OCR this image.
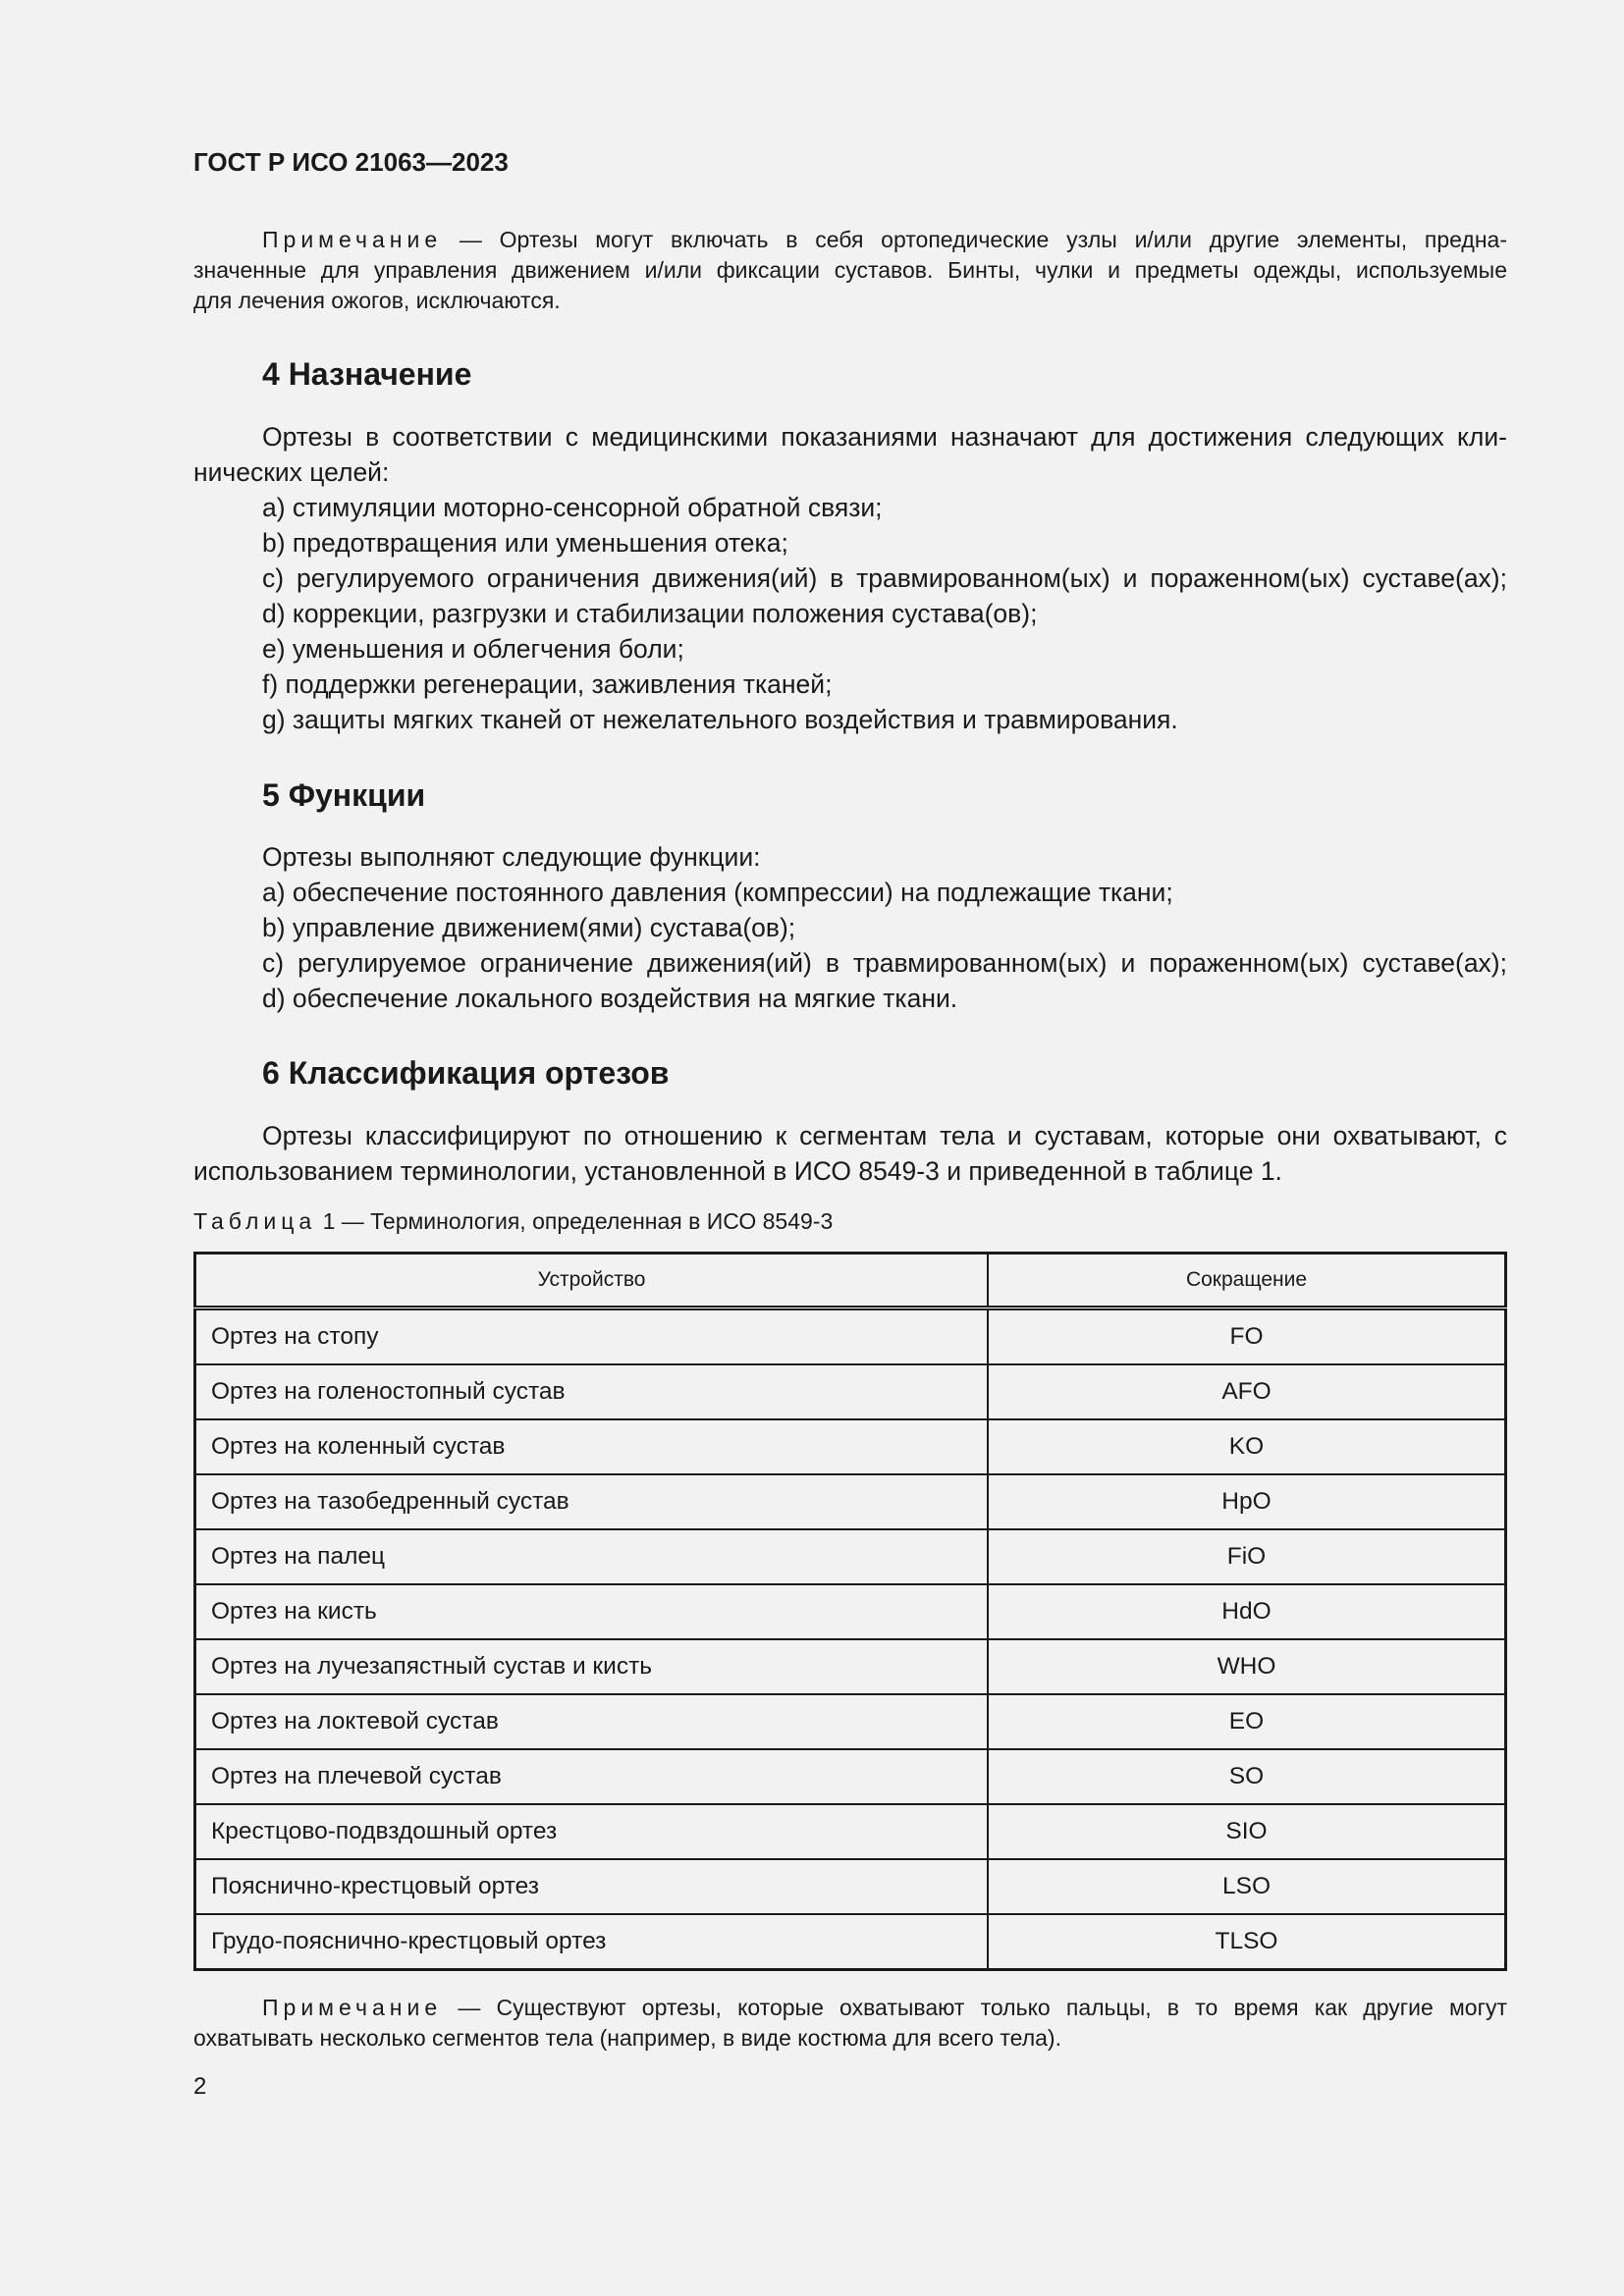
ГОСТ Р ИСО 21063—2023
Примечание — Ортезы могут включать в себя ортопедические узлы и/или другие элементы, предна-
значенные для управления движением и/или фиксации суставов. Бинты, чулки и предметы одежды, используемые
для лечения ожогов, исключаются.
4 Назначение
Ортезы в соответствии с медицинскими показаниями назначают для достижения следующих кли-
нических целей:
a) стимуляции моторно-сенсорной обратной связи;
b) предотвращения или уменьшения отека;
c) регулируемого ограничения движения(ий) в травмированном(ых) и пораженном(ых) суставе(ах);
d) коррекции, разгрузки и стабилизации положения сустава(ов);
e) уменьшения и облегчения боли;
f) поддержки регенерации, заживления тканей;
g) защиты мягких тканей от нежелательного воздействия и травмирования.
5 Функции
Ортезы выполняют следующие функции:
a) обеспечение постоянного давления (компрессии) на подлежащие ткани;
b) управление движением(ями) сустава(ов);
c) регулируемое ограничение движения(ий) в травмированном(ых) и пораженном(ых) суставе(ах);
d) обеспечение локального воздействия на мягкие ткани.
6 Классификация ортезов
Ортезы классифицируют по отношению к сегментам тела и суставам, которые они охватывают, с
использованием терминологии, установленной в ИСО 8549-3 и приведенной в таблице 1.
Таблица 1 — Терминология, определенная в ИСО 8549-3
Устройство	Сокращение
Ортез на стопу	FO
Ортез на голеностопный сустав	AFO
Ортез на коленный сустав	KO
Ортез на тазобедренный сустав	HpO
Ортез на палец	FiO
Ортез на кисть	HdO
Ортез на лучезапястный сустав и кисть	WHO
Ортез на локтевой сустав	EO
Ортез на плечевой сустав	SO
Крестцово-подвздошный ортез	SIO
Пояснично-крестцовый ортез	LSO
Грудо-пояснично-крестцовый ортез	TLSO
Примечание — Существуют ортезы, которые охватывают только пальцы, в то время как другие могут
охватывать несколько сегментов тела (например, в виде костюма для всего тела).
2
